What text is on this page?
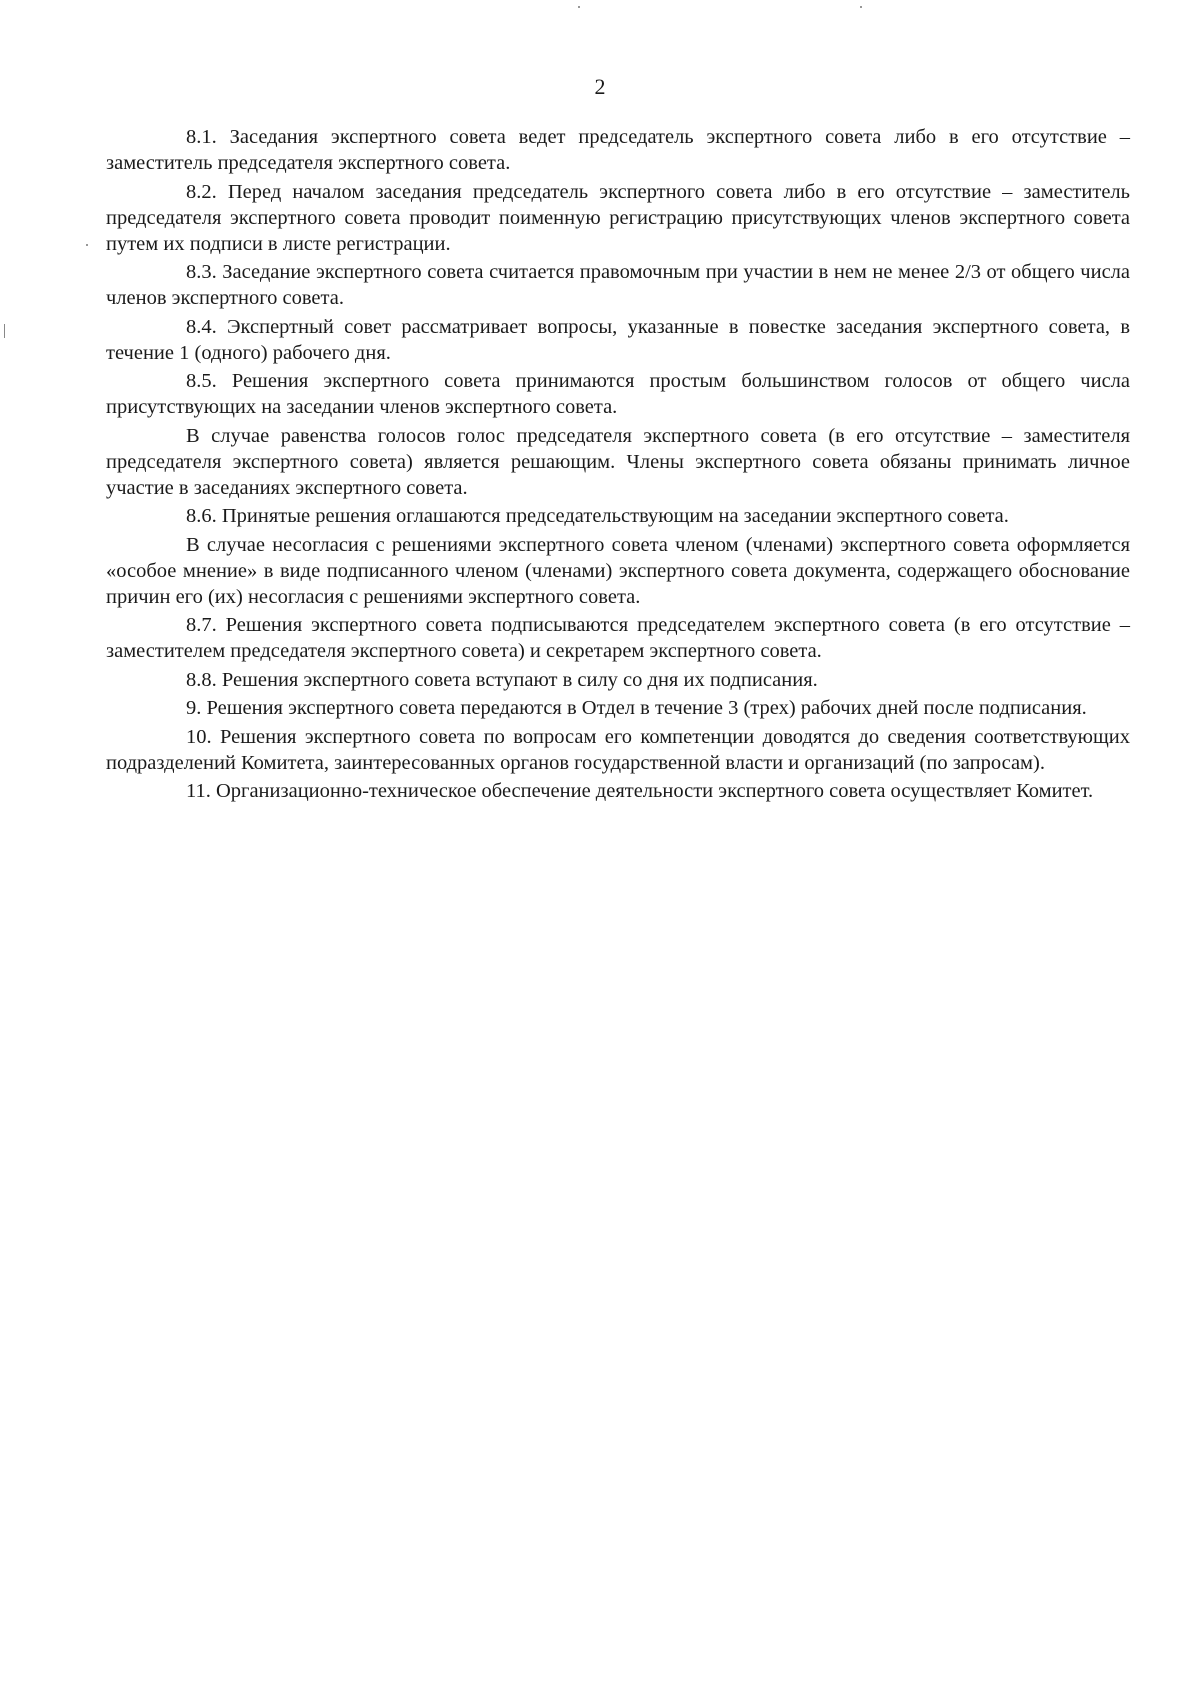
2

8.1. Заседания экспертного совета ведет председатель экспертного совета либо в его отсутствие – заместитель председателя экспертного совета.

8.2. Перед началом заседания председатель экспертного совета либо в его отсутствие – заместитель председателя экспертного совета проводит поименную регистрацию присутствующих членов экспертного совета путем их подписи в листе регистрации.

8.3. Заседание экспертного совета считается правомочным при участии в нем не менее 2/3 от общего числа членов экспертного совета.

8.4. Экспертный совет рассматривает вопросы, указанные в повестке заседания экспертного совета, в течение 1 (одного) рабочего дня.

8.5. Решения экспертного совета принимаются простым большинством голосов от общего числа присутствующих на заседании членов экспертного совета.

В случае равенства голосов голос председателя экспертного совета (в его отсутствие – заместителя председателя экспертного совета) является решающим. Члены экспертного совета обязаны принимать личное участие в заседаниях экспертного совета.

8.6. Принятые решения оглашаются председательствующим на заседании экспертного совета.

В случае несогласия с решениями экспертного совета членом (членами) экспертного совета оформляется «особое мнение» в виде подписанного членом (членами) экспертного совета документа, содержащего обоснование причин его (их) несогласия с решениями экспертного совета.

8.7. Решения экспертного совета подписываются председателем экспертного совета (в его отсутствие – заместителем председателя экспертного совета) и секретарем экспертного совета.

8.8. Решения экспертного совета вступают в силу со дня их подписания.

9. Решения экспертного совета передаются в Отдел в течение 3 (трех) рабочих дней после подписания.

10. Решения экспертного совета по вопросам его компетенции доводятся до сведения соответствующих подразделений Комитета, заинтересованных органов государственной власти и организаций (по запросам).

11. Организационно-техническое обеспечение деятельности экспертного совета осуществляет Комитет.
